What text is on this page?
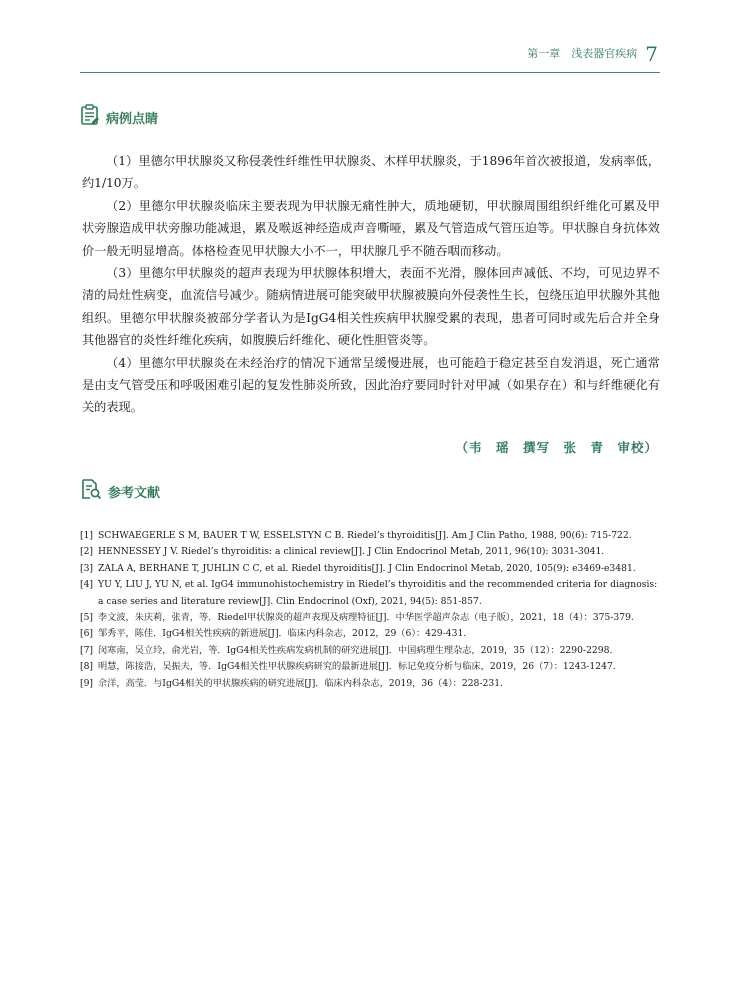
第一章　浅表器官疾病 7
病例点睛

（1）里德尔甲状腺炎又称侵袭性纤维性甲状腺炎、木样甲状腺炎，于1896年首次被报道，发病率低，约1/10万。

（2）里德尔甲状腺炎临床主要表现为甲状腺无痛性肿大，质地硬韧，甲状腺周围组织纤维化可累及甲状旁腺造成甲状旁腺功能减退，累及喉返神经造成声音嘶哑，累及气管造成气管压迫等。甲状腺自身抗体效价一般无明显增高。体格检查见甲状腺大小不一，甲状腺几乎不随吞咽而移动。

（3）里德尔甲状腺炎的超声表现为甲状腺体积增大，表面不光滑，腺体回声减低、不均，可见边界不清的局灶性病变，血流信号减少。随病情进展可能突破甲状腺被膜向外侵袭性生长，包绕压迫甲状腺外其他组织。里德尔甲状腺炎被部分学者认为是IgG4相关性疾病甲状腺受累的表现，患者可同时或先后合并全身其他器官的炎性纤维化疾病，如腹膜后纤维化、硬化性胆管炎等。

（4）里德尔甲状腺炎在未经治疗的情况下通常呈缓慢进展，也可能趋于稳定甚至自发消退，死亡通常是由支气管受压和呼吸困难引起的复发性肺炎所致，因此治疗要同时针对甲减（如果存在）和与纤维硬化有关的表现。

（韦　瑶　撰写　张　青　审校）
参考文献
[1] SCHWAEGERLE S M, BAUER T W, ESSELSTYN C B. Riedel’s thyroiditis[J]. Am J Clin Patho, 1988, 90(6): 715-722.
[2] HENNESSEY J V. Riedel’s thyroiditis: a clinical review[J]. J Clin Endocrinol Metab, 2011, 96(10): 3031-3041.
[3] ZALA A, BERHANE T, JUHLIN C C, et al. Riedel thyroiditis[J]. J Clin Endocrinol Metab, 2020, 105(9): e3469-e3481.
[4] YU Y, LIU J, YU N, et al. IgG4 immunohistochemistry in Riedel’s thyroiditis and the recommended criteria for diagnosis: a case series and literature review[J]. Clin Endocrinol (Oxf), 2021, 94(5): 851-857.
[5] 李文波，朱庆莉，张青，等．Riedel甲状腺炎的超声表现及病理特征[J]．中华医学超声杂志（电子版），2021，18（4）：375-379.
[6] 邹秀平，陈佳．IgG4相关性疾病的新进展[J]．临床内科杂志，2012，29（6）：429-431.
[7] 闵寒南，吴立玲，俞光岩，等．IgG4相关性疾病发病机制的研究进展[J]．中国病理生理杂志，2019，35（12）：2290-2298.
[8] 明慧，陈接浩，吴振夫，等．IgG4相关性甲状腺疾病研究的最新进展[J]．标记免疫分析与临床，2019，26（7）：1243-1247.
[9] 佘洋，高莹．与IgG4相关的甲状腺疾病的研究进展[J]．临床内科杂志，2019，36（4）：228-231.
